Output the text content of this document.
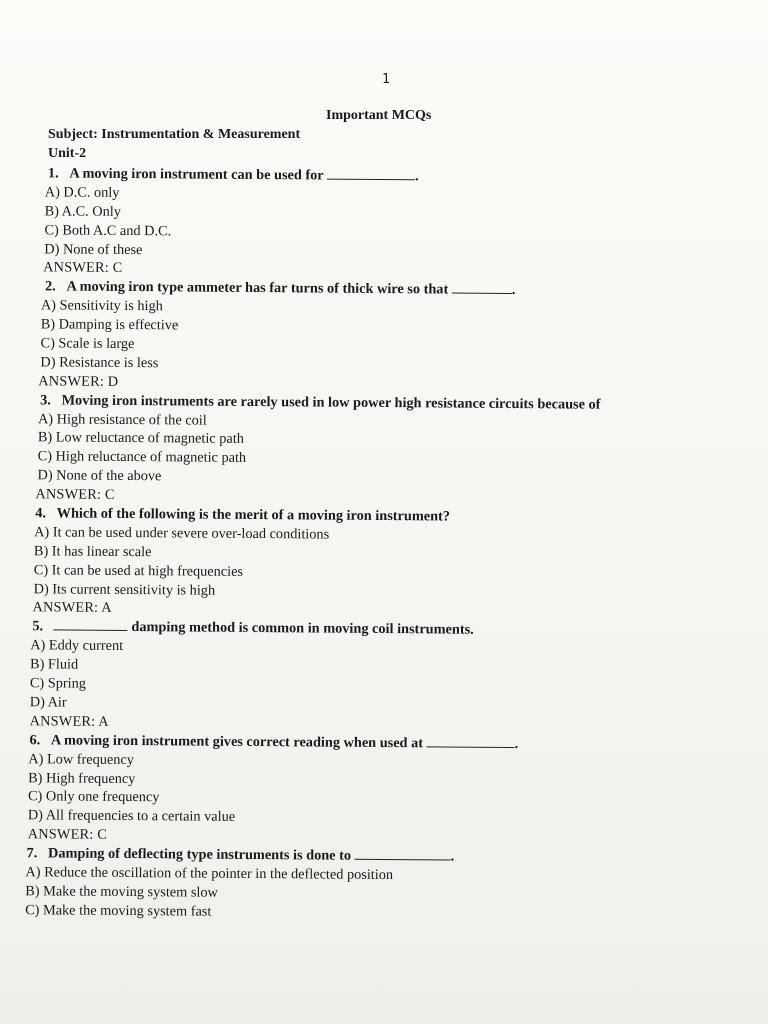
1
Important MCQs
Subject: Instrumentation & Measurement
Unit-2
1.   A moving iron instrument can be used for	.
A) D.C. only
B) A.C. Only
C) Both A.C and D.C.
D) None of these
ANSWER: C
2.   A moving iron type ammeter has far turns of thick wire so that	.
A) Sensitivity is high
B) Damping is effective
C) Scale is large
D) Resistance is less
ANSWER: D
3.   Moving iron instruments are rarely used in low power high resistance circuits because of
A) High resistance of the coil
B) Low reluctance of magnetic path
C) High reluctance of magnetic path
D) None of the above
ANSWER: C
4.   Which of the following is the merit of a moving iron instrument?
A) It can be used under severe over-load conditions
B) It has linear scale
C) It can be used at high frequencies
D) Its current sensitivity is high
ANSWER: A
5.	damping method is common in moving coil instruments.
A) Eddy current
B) Fluid
C) Spring
D) Air
ANSWER: A
6.   A moving iron instrument gives correct reading when used at	.
A) Low frequency
B) High frequency
C) Only one frequency
D) All frequencies to a certain value
ANSWER: C
7.   Damping of deflecting type instruments is done to	.
A) Reduce the oscillation of the pointer in the deflected position
B) Make the moving system slow
C) Make the moving system fast
